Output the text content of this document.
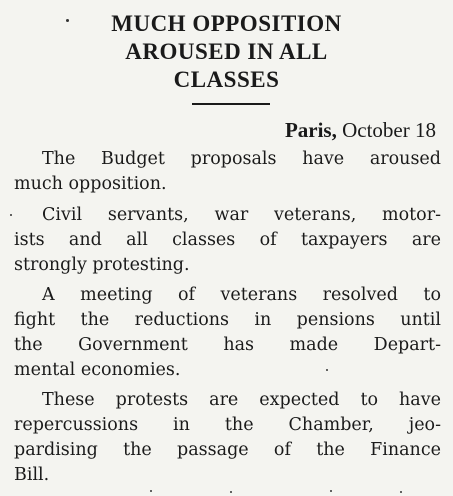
MUCH OPPOSITION
AROUSED IN ALL
CLASSES
Paris, October 18
The Budget proposals have aroused
much opposition.
Civil servants, war veterans, motor-
ists and all classes of taxpayers are
strongly protesting.
A meeting of veterans resolved to
fight the reductions in pensions until
the Government has made Depart-
mental economies.
These protests are expected to have
repercussions in the Chamber, jeo-
pardising the passage of the Finance
Bill.
